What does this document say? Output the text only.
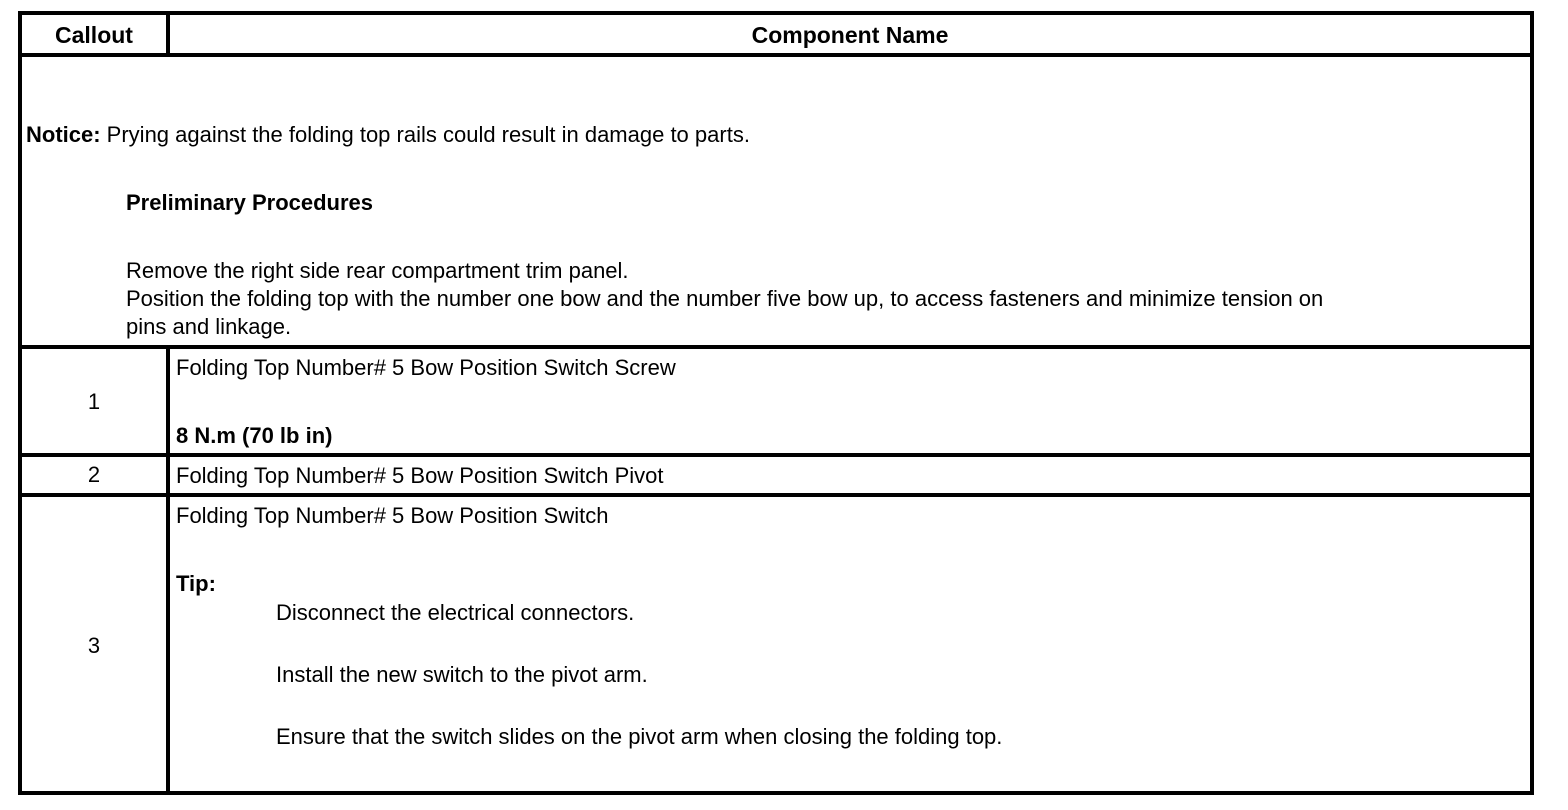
Callout	Component Name
Notice: Prying against the folding top rails could result in damage to parts.
Preliminary Procedures
Remove the right side rear compartment trim panel.
Position the folding top with the number one bow and the number five bow up, to access fasteners and minimize tension on
pins and linkage.
1
Folding Top Number# 5 Bow Position Switch Screw
8 N.m (70 lb in)
2	Folding Top Number# 5 Bow Position Switch Pivot
3
Folding Top Number# 5 Bow Position Switch
Tip:
Disconnect the electrical connectors.
Install the new switch to the pivot arm.
Ensure that the switch slides on the pivot arm when closing the folding top.
